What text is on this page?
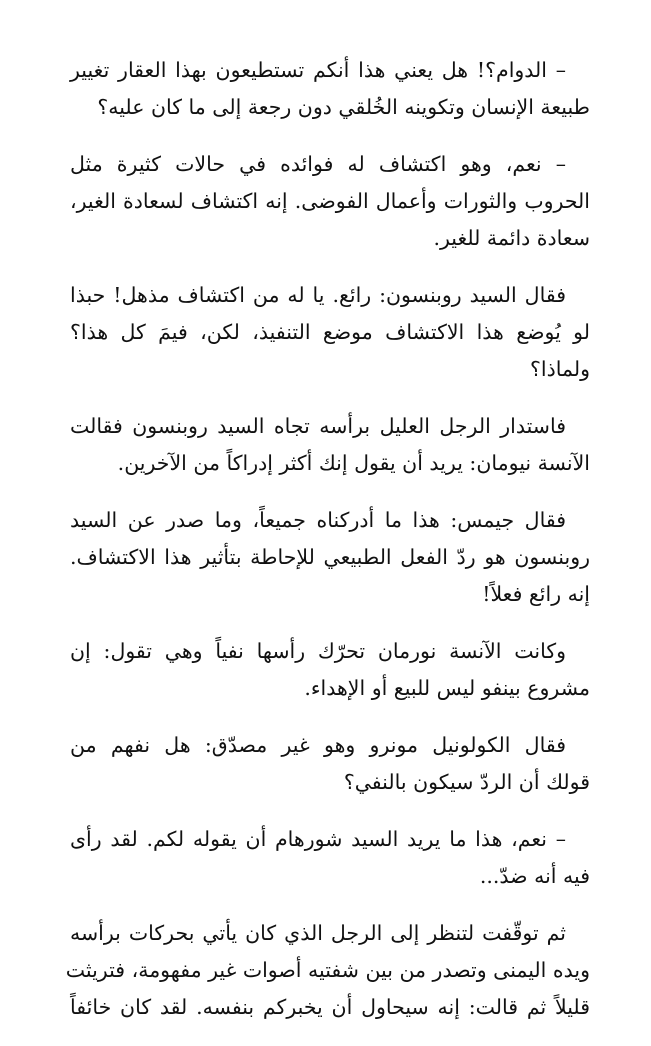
– الدوام؟! هل يعني هذا أنكم تستطيعون بهذا العقار تغيير
طبيعة الإنسان وتكوينه الخُلقي دون رجعة إلى ما كان عليه؟

– نعم، وهو اكتشاف له فوائده في حالات كثيرة مثل
الحروب والثورات وأعمال الفوضى. إنه اكتشاف لسعادة الغير،
سعادة دائمة للغير.

فقال السيد روبنسون: رائع. يا له من اكتشاف مذهل! حبذا
لو يُوضع هذا الاكتشاف موضع التنفيذ، لكن، فيمَ كل هذا؟
ولماذا؟

فاستدار الرجل العليل برأسه تجاه السيد روبنسون فقالت
الآنسة نيومان: يريد أن يقول إنك أكثر إدراكاً من الآخرين.

فقال جيمس: هذا ما أدركناه جميعاً، وما صدر عن السيد
روبنسون هو ردّ الفعل الطبيعي للإحاطة بتأثير هذا الاكتشاف.
إنه رائع فعلاً!

وكانت الآنسة نورمان تحرّك رأسها نفياً وهي تقول: إن
مشروع بينفو ليس للبيع أو الإهداء.

فقال الكولونيل مونرو وهو غير مصدّق: هل نفهم من
قولك أن الردّ سيكون بالنفي؟

– نعم، هذا ما يريد السيد شورهام أن يقوله لكم. لقد رأى
فيه أنه ضدّ...

ثم توقّفت لتنظر إلى الرجل الذي كان يأتي بحركات برأسه
ويده اليمنى وتصدر من بين شفتيه أصوات غير مفهومة، فتريثت
قليلاً ثم قالت: إنه سيحاول أن يخبركم بنفسه. لقد كان خائفاً
